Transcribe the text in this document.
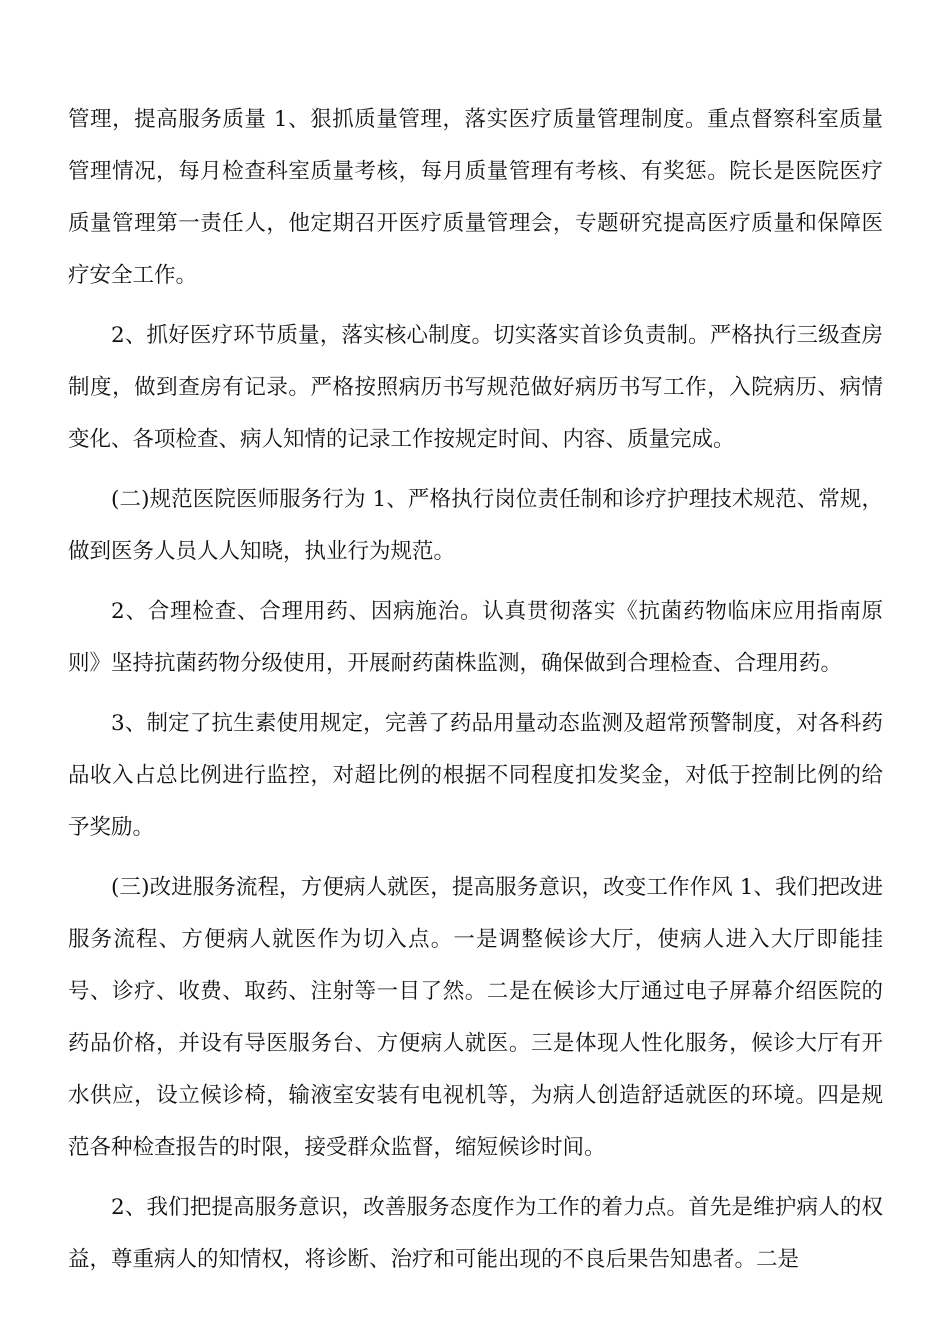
管理，提高服务质量 1、狠抓质量管理，落实医疗质量管理制度。重点督察科室质量管理情况，每月检查科室质量考核，每月质量管理有考核、有奖惩。院长是医院医疗质量管理第一责任人，他定期召开医疗质量管理会，专题研究提高医疗质量和保障医疗安全工作。

2、抓好医疗环节质量，落实核心制度。切实落实首诊负责制。严格执行三级查房制度，做到查房有记录。严格按照病历书写规范做好病历书写工作，入院病历、病情变化、各项检查、病人知情的记录工作按规定时间、内容、质量完成。

(二)规范医院医师服务行为 1、严格执行岗位责任制和诊疗护理技术规范、常规，做到医务人员人人知晓，执业行为规范。

2、合理检查、合理用药、因病施治。认真贯彻落实《抗菌药物临床应用指南原则》坚持抗菌药物分级使用，开展耐药菌株监测，确保做到合理检查、合理用药。

3、制定了抗生素使用规定，完善了药品用量动态监测及超常预警制度，对各科药品收入占总比例进行监控，对超比例的根据不同程度扣发奖金，对低于控制比例的给予奖励。

(三)改进服务流程，方便病人就医，提高服务意识，改变工作作风 1、我们把改进服务流程、方便病人就医作为切入点。一是调整候诊大厅，使病人进入大厅即能挂号、诊疗、收费、取药、注射等一目了然。二是在候诊大厅通过电子屏幕介绍医院的药品价格，并设有导医服务台、方便病人就医。三是体现人性化服务，候诊大厅有开水供应，设立候诊椅，输液室安装有电视机等，为病人创造舒适就医的环境。四是规范各种检查报告的时限，接受群众监督，缩短候诊时间。

2、我们把提高服务意识，改善服务态度作为工作的着力点。首先是维护病人的权益，尊重病人的知情权，将诊断、治疗和可能出现的不良后果告知患者。二是
